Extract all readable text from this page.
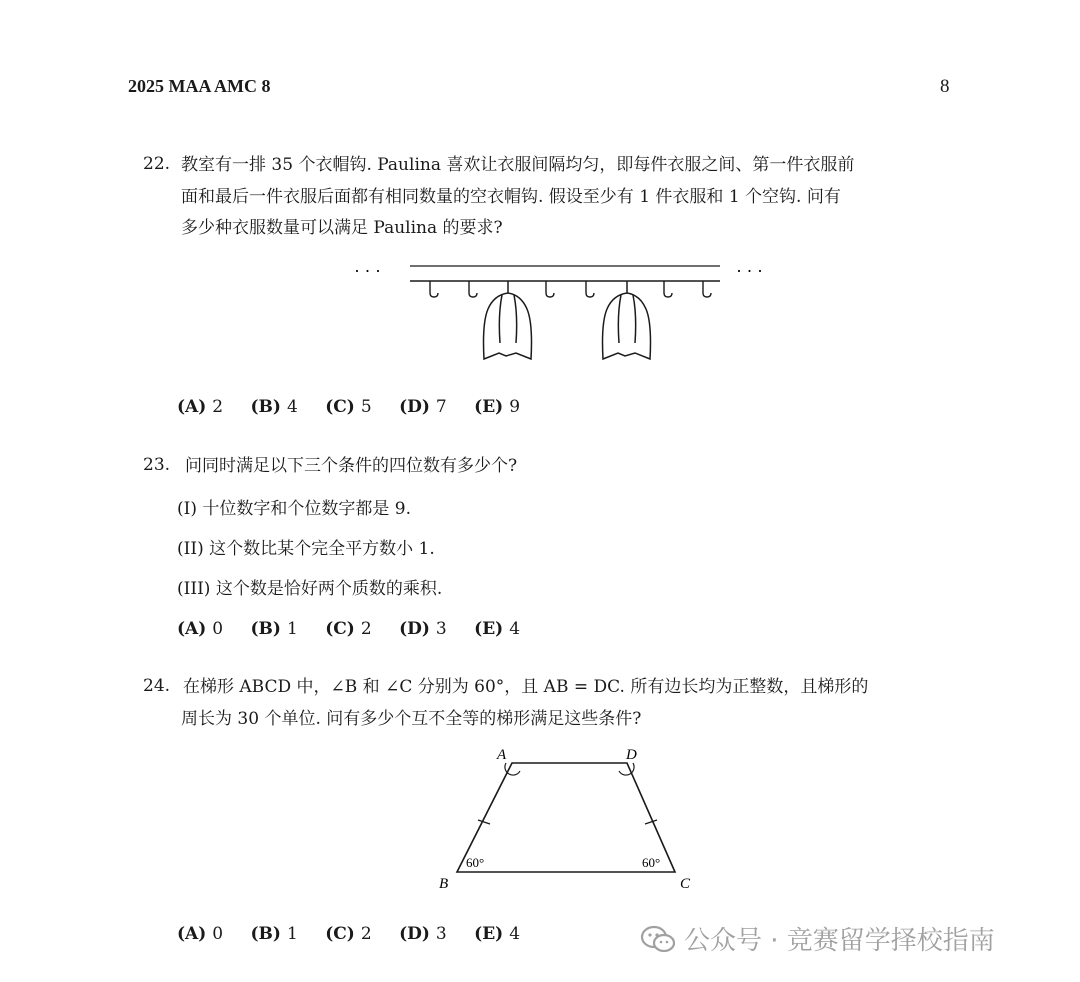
2025 MAA AMC 8	8
22. 教室有一排 35 个衣帽钩. Paulina 喜欢让衣服间隔均匀，即每件衣服之间、第一件衣服前
面和最后一件衣服后面都有相同数量的空衣帽钩. 假设至少有 1 件衣服和 1 个空钩. 问有
多少种衣服数量可以满足 Paulina 的要求?
· · ·	· · ·
(A) 2 (B) 4 (C) 5 (D) 7 (E) 9
23. 问同时满足以下三个条件的四位数有多少个?
(I) 十位数字和个位数字都是 9.
(II) 这个数比某个完全平方数小 1.
(III) 这个数是恰好两个质数的乘积.
(A) 0 (B) 1 (C) 2 (D) 3 (E) 4
24. 在梯形 ABCD 中，∠B 和 ∠C 分别为 60°，且 AB = DC. 所有边长均为正整数，且梯形的
周长为 30 个单位. 问有多少个互不全等的梯形满足这些条件?
A	D
B	C
60°	60°
(A) 0 (B) 1 (C) 2 (D) 3 (E) 4	公众号 · 竞赛留学择校指南
